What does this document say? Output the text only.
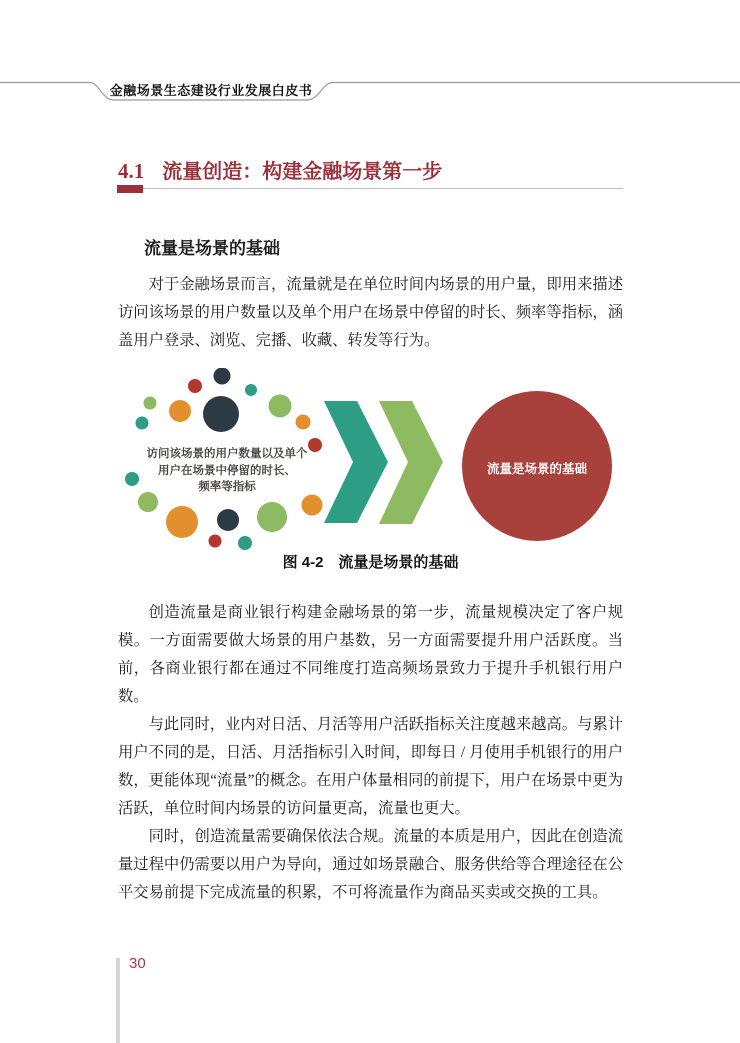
金融场景生态建设行业发展白皮书
4.1 流量创造：构建金融场景第一步
流量是场景的基础

对于金融场景而言，流量就是在单位时间内场景的用户量，即用来描述访问该场景的用户数量以及单个用户在场景中停留的时长、频率等指标，涵盖用户登录、浏览、完播、收藏、转发等行为。

访问该场景的用户数量以及单个
用户在场景中停留的时长、
频率等指标
流量是场景的基础
图 4-2　流量是场景的基础

创造流量是商业银行构建金融场景的第一步，流量规模决定了客户规模。一方面需要做大场景的用户基数，另一方面需要提升用户活跃度。当前，各商业银行都在通过不同维度打造高频场景致力于提升手机银行用户数。

与此同时，业内对日活、月活等用户活跃指标关注度越来越高。与累计用户不同的是，日活、月活指标引入时间，即每日 / 月使用手机银行的用户数，更能体现“流量”的概念。在用户体量相同的前提下，用户在场景中更为活跃，单位时间内场景的访问量更高，流量也更大。

同时，创造流量需要确保依法合规。流量的本质是用户，因此在创造流量过程中仍需要以用户为导向，通过如场景融合、服务供给等合理途径在公平交易前提下完成流量的积累，不可将流量作为商品买卖或交换的工具。

30
